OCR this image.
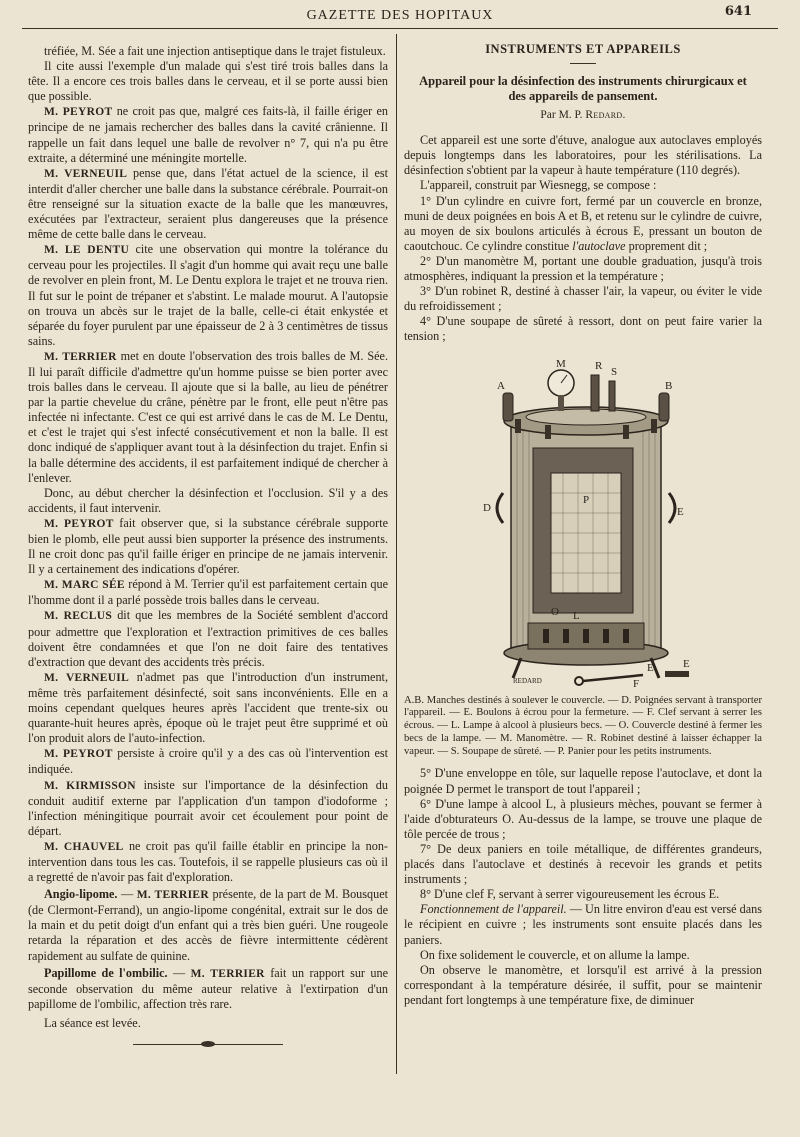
GAZETTE DES HOPITAUX	641

tréfiée, M. Sée a fait une injection antiseptique dans le trajet fistuleux.

Il cite aussi l'exemple d'un malade qui s'est tiré trois balles dans la tête. Il a encore ces trois balles dans le cerveau, et il se porte aussi bien que possible.

M. PEYROT ne croit pas que, malgré ces faits-là, il faille ériger en principe de ne jamais rechercher des balles dans la cavité crânienne. Il rappelle un fait dans lequel une balle de revolver n° 7, qui n'a pu être extraite, a déterminé une méningite mortelle.

M. VERNEUIL pense que, dans l'état actuel de la science, il est interdit d'aller chercher une balle dans la substance cérébrale. Pourrait-on être renseigné sur la situation exacte de la balle que les manœuvres, exécutées par l'extracteur, seraient plus dangereuses que la présence même de cette balle dans le cerveau.

M. LE DENTU cite une observation qui montre la tolérance du cerveau pour les projectiles. Il s'agit d'un homme qui avait reçu une balle de revolver en plein front, M. Le Dentu explora le trajet et ne trouva rien. Il fut sur le point de trépaner et s'abstint. Le malade mourut. A l'autopsie on trouva un abcès sur le trajet de la balle, celle-ci était enkystée et séparée du foyer purulent par une épaisseur de 2 à 3 centimètres de tissus sains.

M. TERRIER met en doute l'observation des trois balles de M. Sée. Il lui paraît difficile d'admettre qu'un homme puisse se bien porter avec trois balles dans le cerveau. Il ajoute que si la balle, au lieu de pénétrer par la partie chevelue du crâne, pénètre par le front, elle peut n'être pas infectée ni infectante. C'est ce qui est arrivé dans le cas de M. Le Dentu, et c'est le trajet qui s'est infecté consécutivement et non la balle. Il est donc indiqué de s'appliquer avant tout à la désinfection du trajet. Enfin si la balle détermine des accidents, il est parfaitement indiqué de chercher à l'enlever.

Donc, au début chercher la désinfection et l'occlusion. S'il y a des accidents, il faut intervenir.

M. PEYROT fait observer que, si la substance cérébrale supporte bien le plomb, elle peut aussi bien supporter la présence des instruments. Il ne croit donc pas qu'il faille ériger en principe de ne jamais intervenir. Il y a certainement des indications d'opérer.

M. MARC SÉE répond à M. Terrier qu'il est parfaitement certain que l'homme dont il a parlé possède trois balles dans le cerveau.

M. RECLUS dit que les membres de la Société semblent d'accord pour admettre que l'exploration et l'extraction primitives de ces balles doivent être condamnées et que l'on ne doit faire des tentatives d'extraction que devant des accidents très précis.

M. VERNEUIL n'admet pas que l'introduction d'un instrument, même très parfaitement désinfecté, soit sans inconvénients. Elle en a moins cependant quelques heures après l'accident que trente-six ou quarante-huit heures après, époque où le trajet peut être supprimé et où l'on produit alors de l'auto-infection.

M. PEYROT persiste à croire qu'il y a des cas où l'intervention est indiquée.

M. KIRMISSON insiste sur l'importance de la désinfection du conduit auditif externe par l'application d'un tampon d'iodoforme ; l'infection méningitique pourrait avoir cet écoulement pour point de départ.

M. CHAUVEL ne croit pas qu'il faille établir en principe la non-intervention dans tous les cas. Toutefois, il se rappelle plusieurs cas où il a regretté de n'avoir pas fait d'exploration.

Angio-lipome. — M. TERRIER présente, de la part de M. Bousquet (de Clermont-Ferrand), un angio-lipome congénital, extrait sur le dos de la main et du petit doigt d'un enfant qui a très bien guéri. Une rougeole retarda la réparation et des accès de fièvre intermittente cédèrent rapidement au sulfate de quinine.

Papillome de l'ombilic. — M. TERRIER fait un rapport sur une seconde observation du même auteur relative à l'extirpation d'un papillome de l'ombilic, affection très rare.

La séance est levée.

INSTRUMENTS ET APPAREILS
Appareil pour la désinfection des instruments chirurgicaux et des appareils de pansement.
Par M. P. Redard.

Cet appareil est une sorte d'étuve, analogue aux autoclaves employés depuis longtemps dans les laboratoires, pour les stérilisations. La désinfection s'obtient par la vapeur à haute température (110 degrés).

L'appareil, construit par Wiesnegg, se compose :

1° D'un cylindre en cuivre fort, fermé par un couvercle en bronze, muni de deux poignées en bois A et B, et retenu sur le cylindre de cuivre, au moyen de six boulons articulés à écrous E, pressant un bouton de caoutchouc. Ce cylindre constitue l'autoclave proprement dit ;

2° D'un manomètre M, portant une double graduation, jusqu'à trois atmosphères, indiquant la pression et la température ;

3° D'un robinet R, destiné à chasser l'air, la vapeur, ou éviter le vide du refroidissement ;

4° D'une soupape de sûreté à ressort, dont on peut faire varier la tension ;

M	R S
A	B
D	E
P
O L
F
E	E
REDARD
A.B. Manches destinés à soulever le couvercle. — D. Poignées servant à transporter l'appareil. — E. Boulons à écrou pour la fermeture. — F. Clef servant à serrer les écrous. — L. Lampe à alcool à plusieurs becs. — O. Couvercle destiné à fermer les becs de la lampe. — M. Manomètre. — R. Robinet destiné à laisser échapper la vapeur. — S. Soupape de sûreté. — P. Panier pour les petits instruments.

5° D'une enveloppe en tôle, sur laquelle repose l'autoclave, et dont la poignée D permet le transport de tout l'appareil ;

6° D'une lampe à alcool L, à plusieurs mèches, pouvant se fermer à l'aide d'obturateurs O. Au-dessus de la lampe, se trouve une plaque de tôle percée de trous ;

7° De deux paniers en toile métallique, de différentes grandeurs, placés dans l'autoclave et destinés à recevoir les grands et petits instruments ;

8° D'une clef F, servant à serrer vigoureusement les écrous E.

Fonctionnement de l'appareil. — Un litre environ d'eau est versé dans le récipient en cuivre ; les instruments sont ensuite placés dans les paniers.

On fixe solidement le couvercle, et on allume la lampe.

On observe le manomètre, et lorsqu'il est arrivé à la pression correspondant à la température désirée, il suffit, pour se maintenir pendant fort longtemps à une température fixe, de diminuer
